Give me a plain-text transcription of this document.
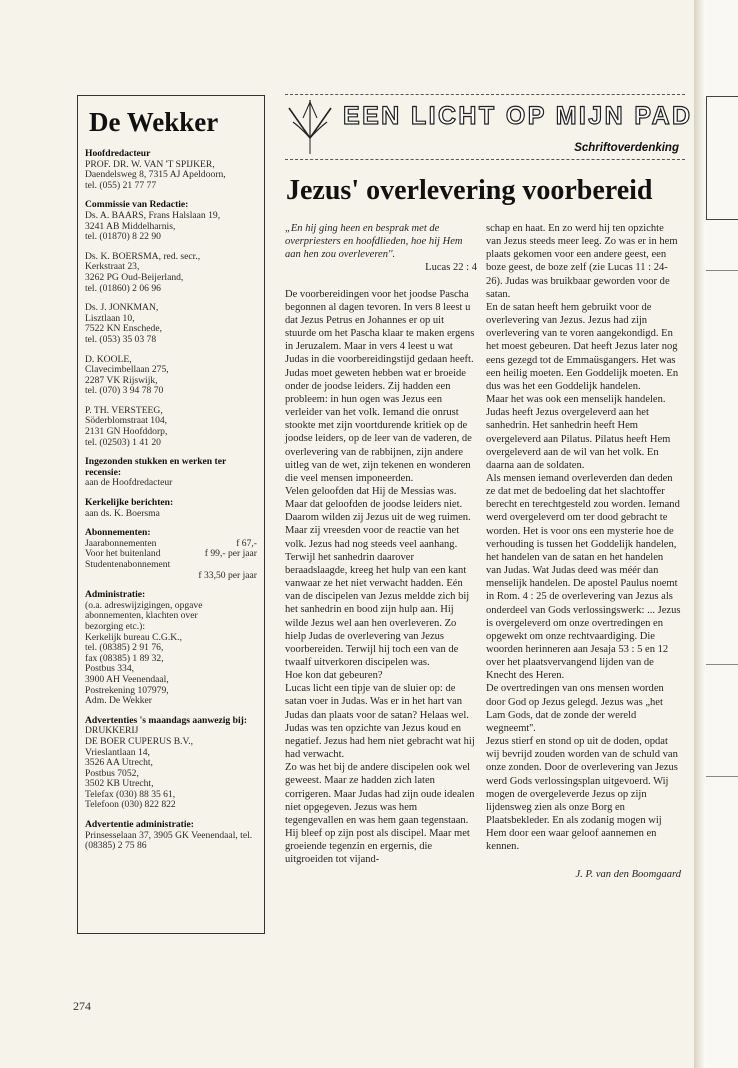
De Wekker
Hoofdredacteur
PROF. DR. W. VAN 'T SPIJKER,
Daendelsweg 8, 7315 AJ Apeldoorn,
tel. (055) 21 77 77
Commissie van Redactie:
Ds. A. BAARS, Frans Halslaan 19,
3241 AB Middelharnis,
tel. (01870) 8 22 90
Ds. K. BOERSMA, red. secr.,
Kerkstraat 23,
3262 PG Oud-Beijerland,
tel. (01860) 2 06 96
Ds. J. JONKMAN,
Lisztlaan 10,
7522 KN Enschede,
tel. (053) 35 03 78
D. KOOLE,
Clavecimbellaan 275,
2287 VK Rijswijk,
tel. (070) 3 94 78 70
P. TH. VERSTEEG,
Söderblomstraat 104,
2131 GN Hoofddorp,
tel. (02503) 1 41 20
Ingezonden stukken en werken ter recensie:
aan de Hoofdredacteur
Kerkelijke berichten:
aan ds. K. Boersma
Abonnementen:
Jaarabonnementen	f 67,-
Voor het buitenland	f 99,- per jaar
Studentenabonnement
f 33,50 per jaar
Administratie:
(o.a. adreswijzigingen, opgave
abonnementen, klachten over
bezorging etc.):
Kerkelijk bureau C.G.K.,
tel. (08385) 2 91 76,
fax (08385) 1 89 32,
Postbus 334,
3900 AH Veenendaal,
Postrekening 107979,
Adm. De Wekker
Advertenties 's maandags aanwezig bij:
DRUKKERIJ
DE BOER CUPERUS B.V.,
Vrieslantlaan 14,
3526 AA Utrecht,
Postbus 7052,
3502 KB Utrecht,
Telefax (030) 88 35 61,
Telefoon (030) 822 822
Advertentie administratie:
Prinsesselaan 37, 3905 GK Veenendaal, tel. (08385) 2 75 86
EEN LICHT OP MIJN PAD
Schriftoverdenking
Jezus' overlevering voorbereid

„En hij ging heen en besprak met de overpriesters en hoofdlieden, hoe hij Hem aan hen zou overleveren''.

Lucas 22 : 4

De voorbereidingen voor het joodse Pascha begonnen al dagen tevoren. In vers 8 leest u dat Jezus Petrus en Johannes er op uit stuurde om het Pascha klaar te maken ergens in Jeruzalem. Maar in vers 4 leest u wat Judas in die voorbereidingstijd gedaan heeft. Judas moet geweten hebben wat er broeide onder de joodse leiders. Zij hadden een probleem: in hun ogen was Jezus een verleider van het volk. Iemand die onrust stookte met zijn voortdurende kritiek op de joodse leiders, op de leer van de vaderen, de overlevering van de rabbijnen, zijn andere uitleg van de wet, zijn tekenen en wonderen die veel mensen imponeerden.

Velen geloofden dat Hij de Messias was. Maar dat geloofden de joodse leiders niet. Daarom wilden zij Jezus uit de weg ruimen. Maar zij vreesden voor de reactie van het volk. Jezus had nog steeds veel aanhang.

Terwijl het sanhedrin daarover beraadslaagde, kreeg het hulp van een kant vanwaar ze het niet verwacht hadden. Eén van de discipelen van Jezus meldde zich bij het sanhedrin en bood zijn hulp aan. Hij wilde Jezus wel aan hen overleveren. Zo hielp Judas de overlevering van Jezus voorbereiden. Terwijl hij toch een van de twaalf uitverkoren discipelen was.

Hoe kon dat gebeuren?

Lucas licht een tipje van de sluier op: de satan voer in Judas. Was er in het hart van Judas dan plaats voor de satan? Helaas wel. Judas was ten opzichte van Jezus koud en negatief. Jezus had hem niet gebracht wat hij had verwacht.

Zo was het bij de andere discipelen ook wel geweest. Maar ze hadden zich laten corrigeren. Maar Judas had zijn oude idealen niet opgegeven. Jezus was hem tegengevallen en was hem gaan tegenstaan. Hij bleef op zijn post als discipel. Maar met groeiende tegenzin en ergernis, die uitgroeiden tot vijand-

schap en haat. En zo werd hij ten opzichte van Jezus steeds meer leeg. Zo was er in hem plaats gekomen voor een andere geest, een boze geest, de boze zelf (zie Lucas 11 : 24-26). Judas was bruikbaar geworden voor de satan.

En de satan heeft hem gebruikt voor de overlevering van Jezus. Jezus had zijn overlevering van te voren aangekondigd. En het moest gebeuren. Dat heeft Jezus later nog eens gezegd tot de Emmaüsgangers. Het was een heilig moeten. Een Goddelijk moeten. En dus was het een Goddelijk handelen.

Maar het was ook een menselijk handelen. Judas heeft Jezus overgeleverd aan het sanhedrin. Het sanhedrin heeft Hem overgeleverd aan Pilatus. Pilatus heeft Hem overgeleverd aan de wil van het volk. En daarna aan de soldaten.

Als mensen iemand overleverden dan deden ze dat met de bedoeling dat het slachtoffer berecht en terechtgesteld zou worden. Iemand werd overgeleverd om ter dood gebracht te worden. Het is voor ons een mysterie hoe de verhouding is tussen het Goddelijk handelen, het handelen van de satan en het handelen van Judas. Wat Judas deed was méér dan menselijk handelen. De apostel Paulus noemt in Rom. 4 : 25 de overlevering van Jezus als onderdeel van Gods verlossingswerk: ... Jezus is overgeleverd om onze overtredingen en opgewekt om onze rechtvaardiging. Die woorden herinneren aan Jesaja 53 : 5 en 12 over het plaatsvervangend lijden van de Knecht des Heren.

De overtredingen van ons mensen worden door God op Jezus gelegd. Jezus was „het Lam Gods, dat de zonde der wereld wegneemt''.

Jezus stierf en stond op uit de doden, opdat wij bevrijd zouden worden van de schuld van onze zonden. Door de overlevering van Jezus werd Gods verlossingsplan uitgevoerd. Wij mogen de overgeleverde Jezus op zijn lijdensweg zien als onze Borg en Plaatsbekleder. En als zodanig mogen wij Hem door een waar geloof aannemen en kennen.

J. P. van den Boomgaard

274
